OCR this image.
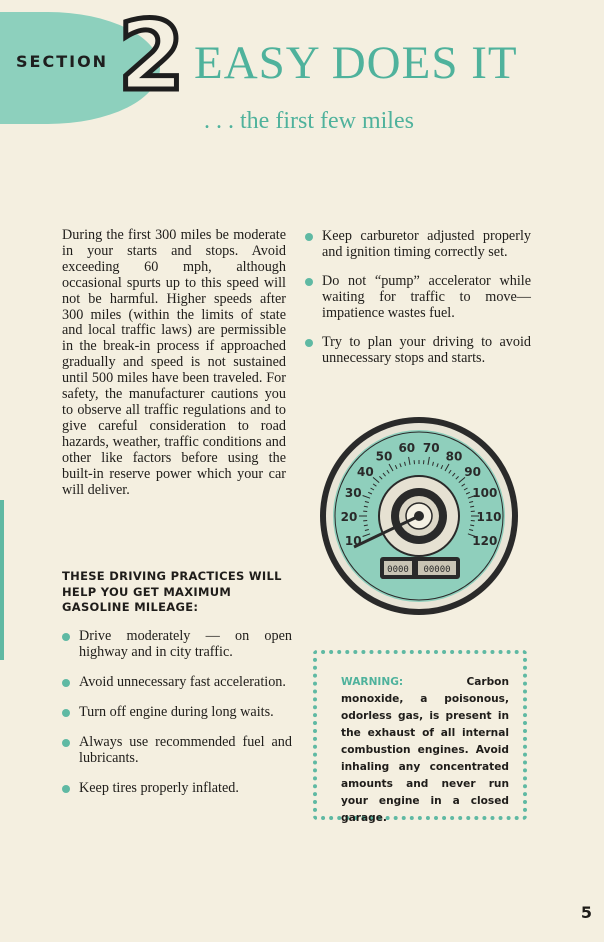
SECTION 2 EASY DOES IT
. . . the first few miles

During the first 300 miles be moderate in your starts and stops. Avoid exceeding 60 mph, although occasional spurts up to this speed will not be harmful. Higher speeds after 300 miles (within the limits of state and local traffic laws) are permissible in the break-in process if approached gradually and speed is not sustained until 500 miles have been traveled. For safety, the manufacturer cautions you to observe all traffic regulations and to give careful consideration to road hazards, weather, traffic conditions and other like factors before using the built-in reserve power which your car will deliver.

THESE DRIVING PRACTICES WILL HELP YOU GET MAXIMUM GASOLINE MILEAGE:
Drive moderately — on open highway and in city traffic.
Avoid unnecessary fast acceleration.
Turn off engine during long waits.
Always use recommended fuel and lubricants.
Keep tires properly inflated.
Keep carburetor adjusted properly and ignition timing correctly set.
Do not “pump” accelerator while waiting for traffic to move—impatience wastes fuel.
Try to plan your driving to avoid unnecessary stops and starts.
10
20
30
40
50
60 70
80
90
100
110
120
0000 00000
WARNING:	Carbon monoxide, a poisonous, odorless gas, is present in the exhaust of all internal combustion engines. Avoid inhaling any concentrated amounts and never run your engine in a closed garage.
5
